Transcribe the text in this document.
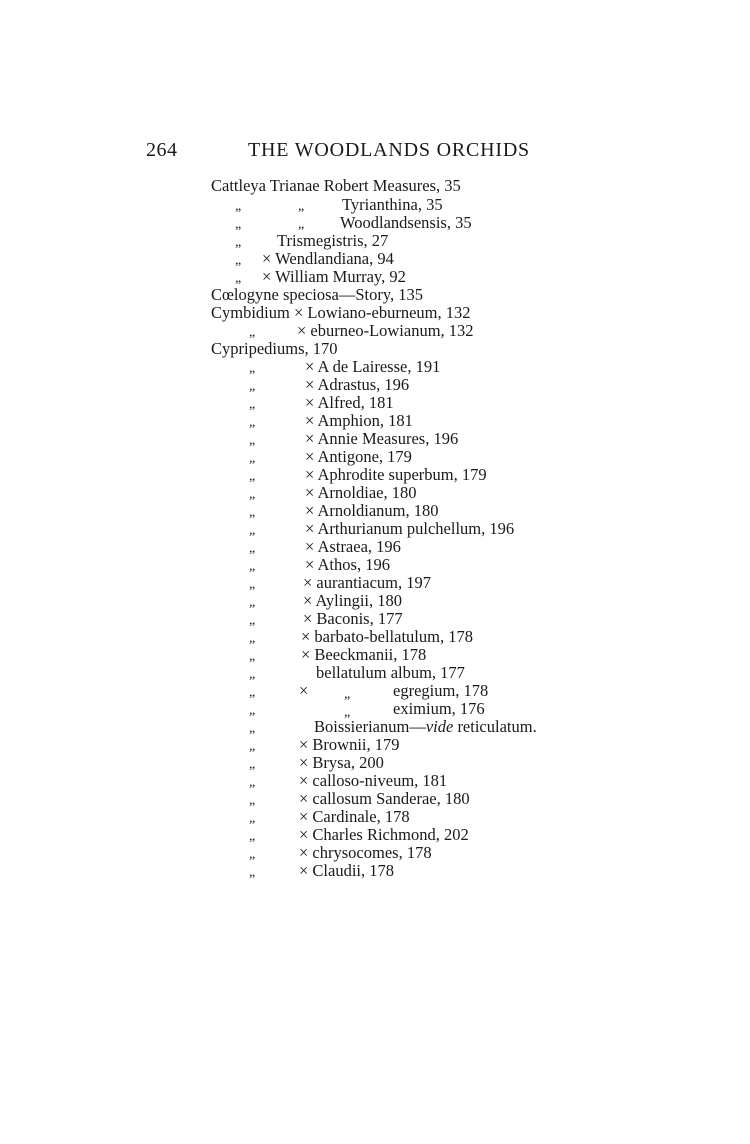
264	THE WOODLANDS ORCHIDS
Cattleya Trianae Robert Measures, 35
„	„ Tyrianthina, 35
„	„ Woodlandsensis, 35
„ Trismegistris, 27
„ × Wendlandiana, 94
„ × William Murray, 92
Cœlogyne speciosa—Story, 135
Cymbidium × Lowiano-eburneum, 132
„	× eburneo-Lowianum, 132
Cypripediums, 170
„	× A de Lairesse, 191
„	× Adrastus, 196
„	× Alfred, 181
„	× Amphion, 181
„	× Annie Measures, 196
„	× Antigone, 179
„	× Aphrodite superbum, 179
„	× Arnoldiae, 180
„	× Arnoldianum, 180
„	× Arthurianum pulchellum, 196
„	× Astraea, 196
„	× Athos, 196
„	× aurantiacum, 197
„	× Aylingii, 180
„	× Baconis, 177
„	× barbato-bellatulum, 178
„	× Beeckmanii, 178
„	bellatulum album, 177
„	×	„	egregium, 178
„	„	eximium, 176
„	Boissierianum—vide reticulatum.
„	× Brownii, 179
„	× Brysa, 200
„	× calloso-niveum, 181
„	× callosum Sanderae, 180
„	× Cardinale, 178
„	× Charles Richmond, 202
„	× chrysocomes, 178
„	× Claudii, 178
